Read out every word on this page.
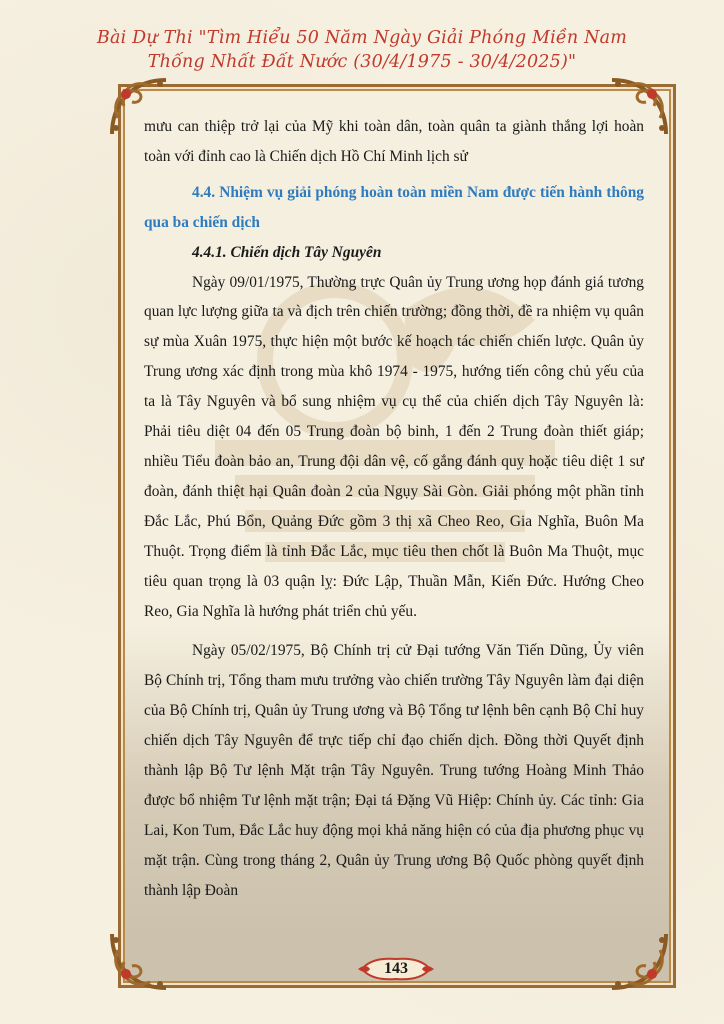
Bài Dự Thi "Tìm Hiểu 50 Năm Ngày Giải Phóng Miền Nam
Thống Nhất Đất Nước (30/4/1975 - 30/4/2025)"

mưu can thiệp trở lại của Mỹ khi toàn dân, toàn quân ta giành thắng lợi hoàn toàn với đỉnh cao là Chiến dịch Hồ Chí Minh lịch sử

4.4. Nhiệm vụ giải phóng hoàn toàn miền Nam được tiến hành thông qua ba chiến dịch

4.4.1. Chiến dịch Tây Nguyên

Ngày 09/01/1975, Thường trực Quân ủy Trung ương họp đánh giá tương quan lực lượng giữa ta và địch trên chiến trường; đồng thời, đề ra nhiệm vụ quân sự mùa Xuân 1975, thực hiện một bước kế hoạch tác chiến chiến lược. Quân ủy Trung ương xác định trong mùa khô 1974 - 1975, hướng tiến công chủ yếu của ta là Tây Nguyên và bổ sung nhiệm vụ cụ thể của chiến dịch Tây Nguyên là: Phải tiêu diệt 04 đến 05 Trung đoàn bộ binh, 1 đến 2 Trung đoàn thiết giáp; nhiều Tiểu đoàn bảo an, Trung đội dân vệ, cố gắng đánh quỵ hoặc tiêu diệt 1 sư đoàn, đánh thiệt hại Quân đoàn 2 của Ngụy Sài Gòn. Giải phóng một phần tỉnh Đắc Lắc, Phú Bổn, Quảng Đức gồm 3 thị xã Cheo Reo, Gia Nghĩa, Buôn Ma Thuột. Trọng điểm là tỉnh Đắc Lắc, mục tiêu then chốt là Buôn Ma Thuột, mục tiêu quan trọng là 03 quận lỵ: Đức Lập, Thuần Mẫn, Kiến Đức. Hướng Cheo Reo, Gia Nghĩa là hướng phát triển chủ yếu.

Ngày 05/02/1975, Bộ Chính trị cử Đại tướng Văn Tiến Dũng, Ủy viên Bộ Chính trị, Tổng tham mưu trưởng vào chiến trường Tây Nguyên làm đại diện của Bộ Chính trị, Quân ủy Trung ương và Bộ Tổng tư lệnh bên cạnh Bộ Chỉ huy chiến dịch Tây Nguyên để trực tiếp chỉ đạo chiến dịch. Đồng thời Quyết định thành lập Bộ Tư lệnh Mặt trận Tây Nguyên. Trung tướng Hoàng Minh Thảo được bổ nhiệm Tư lệnh mặt trận; Đại tá Đặng Vũ Hiệp: Chính ủy. Các tỉnh: Gia Lai, Kon Tum, Đắc Lắc huy động mọi khả năng hiện có của địa phương phục vụ mặt trận. Cùng trong tháng 2, Quân ủy Trung ương Bộ Quốc phòng quyết định thành lập Đoàn

143
